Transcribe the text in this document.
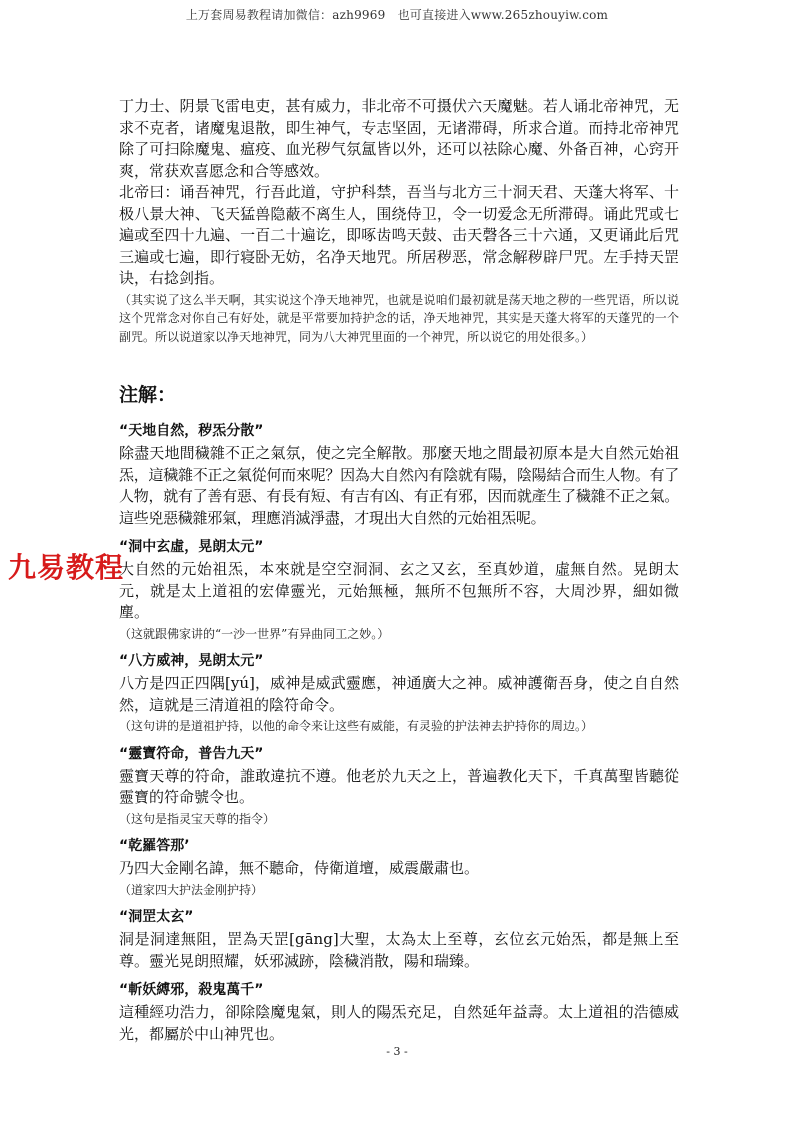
上万套周易教程请加微信：azh9969　也可直接进入www.265zhouyiw.com

丁力士、阴景飞雷电吏，甚有威力，非北帝不可摄伏六天魔魅。若人诵北帝神咒，无求不克者，诸魔鬼退散，即生神气，专志坚固，无诸滞碍，所求合道。而持北帝神咒除了可扫除魔鬼、瘟疫、血光秽气氛氲皆以外，还可以祛除心魔、外备百神，心窍开爽，常获欢喜愿念和合等感效。

北帝曰：诵吾神咒，行吾此道，守护科禁，吾当与北方三十洞天君、天蓬大将军、十极八景大神、飞天猛兽隐蔽不离生人，围绕侍卫，令一切爱念无所滞碍。诵此咒或七遍或至四十九遍、一百二十遍讫，即啄齿鸣天鼓、击天磬各三十六通，又更诵此后咒三遍或七遍，即行寝卧无妨，名净天地咒。所居秽恶，常念解秽辟尸咒。左手持天罡诀，右捻剑指。

（其实说了这么半天啊，其实说这个净天地神咒，也就是说咱们最初就是荡天地之秽的一些咒语，所以说这个咒常念对你自己有好处，就是平常要加持护念的话，净天地神咒，其实是天蓬大将军的天蓬咒的一个副咒。所以说道家以净天地神咒，同为八大神咒里面的一个神咒，所以说它的用处很多。）

注解：
“天地自然，秽炁分散”

除盡天地間穢雜不正之氣氛，使之完全解散。那麼天地之間最初原本是大自然元始祖炁，這穢雜不正之氣從何而來呢？因為大自然內有陰就有陽，陰陽結合而生人物。有了人物，就有了善有惡、有長有短、有吉有凶、有正有邪，因而就產生了穢雜不正之氣。這些兇惡穢雜邪氣，理應消滅淨盡，才現出大自然的元始祖炁呢。

“洞中玄虛，晃朗太元”

大自然的元始祖炁，本來就是空空洞洞、玄之又玄，至真妙道，虛無自然。晃朗太元，就是太上道祖的宏偉靈光，元始無極，無所不包無所不容，大周沙界，細如微塵。

（这就跟佛家讲的“一沙一世界”有异曲同工之妙。）

“八方威神，晃朗太元”

八方是四正四隅[yú]，威神是威武靈應，神通廣大之神。威神護衛吾身，使之自自然然，這就是三清道祖的陰符命令。

（这句讲的是道祖护持，以他的命令来让这些有威能，有灵验的护法神去护持你的周边。）

“靈寶符命，普告九天”

靈寶天尊的符命，誰敢違抗不遵。他老於九天之上，普遍教化天下，千真萬聖皆聽從靈寶的符命號令也。

（这句是指灵宝天尊的指令）

“乾羅答那’

乃四大金剛名諱，無不聽命，侍衛道壇，威震嚴肅也。

（道家四大护法金刚护持）

“洞罡太玄”

洞是洞達無阻，罡為天罡[gāng]大聖，太為太上至尊，玄位玄元始炁，都是無上至尊。靈光晃朗照耀，妖邪滅跡，陰穢消散，陽和瑞臻。

“斬妖縛邪，殺鬼萬千”

這種經功浩力，卻除陰魔鬼氣，則人的陽炁充足，自然延年益壽。太上道祖的浩德威光，都屬於中山神咒也。

九易教程
- 3 -
